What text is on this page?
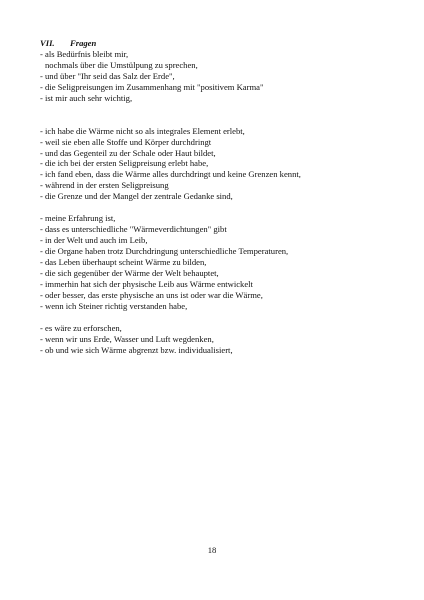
VII. Fragen
- als Bedürfnis bleibt mir,
nochmals über die Umstülpung zu sprechen,
- und über "Ihr seid das Salz der Erde",
- die Seligpreisungen im Zusammenhang mit "positivem Karma"
- ist mir auch sehr wichtig,
- ich habe die Wärme nicht so als integrales Element erlebt,
- weil sie eben alle Stoffe und Körper durchdringt
- und das Gegenteil zu der Schale oder Haut bildet,
- die ich bei der ersten Seligpreisung erlebt habe,
- ich fand eben, dass die Wärme alles durchdringt und keine Grenzen kennt,
- während in der ersten Seligpreisung
- die Grenze und der Mangel der zentrale Gedanke sind,
- meine Erfahrung ist,
- dass es unterschiedliche "Wärmeverdichtungen" gibt
- in der Welt und auch im Leib,
- die Organe haben trotz Durchdringung unterschiedliche Temperaturen,
- das Leben überhaupt scheint Wärme zu bilden,
- die sich gegenüber der Wärme der Welt behauptet,
- immerhin hat sich der physische Leib aus Wärme entwickelt
- oder besser, das erste physische an uns ist oder war die Wärme,
- wenn ich Steiner richtig verstanden habe,
- es wäre zu erforschen,
- wenn wir uns Erde, Wasser und Luft wegdenken,
- ob und wie sich Wärme abgrenzt bzw. individualisiert,
18
